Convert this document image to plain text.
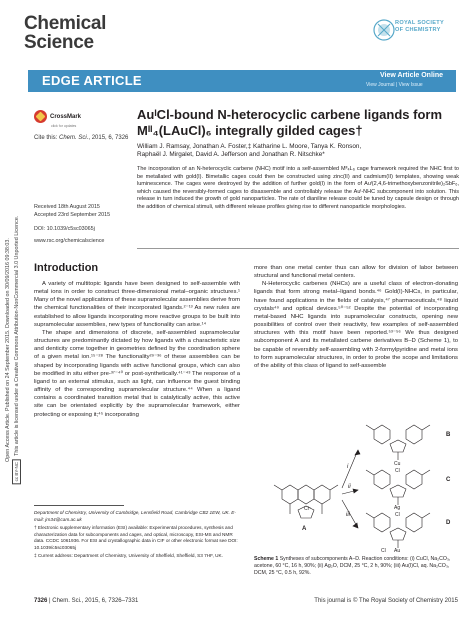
Chemical
Science
ROYAL SOCIETY
OF CHEMISTRY
EDGE ARTICLE	View Article Online
View Journal | View Issue
Open Access Article. Published on 24 September 2015. Downloaded on 30/09/2016 09:38:03.
cc BY-NCThis article is licensed under a Creative Commons Attribution-NonCommercial 3.0 Unported Licence.
CrossMark
click for updates
Cite this: Chem. Sci., 2015, 6, 7326
Received 18th August 2015
Accepted 23rd September 2015
DOI: 10.1039/c5sc03065j
www.rsc.org/chemicalscience
AuᴵCl-bound N-heterocyclic carbene ligands form
Mᴵᴵ₄(LAuCl)₆ integrally gilded cages†
William J. Ramsay, Jonathan A. Foster,‡ Katharine L. Moore, Tanya K. Ronson,
Raphaël J. Mirgalet, David A. Jefferson and Jonathan R. Nitschke*
The incorporation of an N-heterocyclic carbene (NHC) motif into a self-assembled Mᴵᴵ₄L₆ cage framework required the NHC first to be metallated with gold(I). Bimetallic cages could then be constructed using zinc(II) and cadmium(II) templates, showing weak luminescence. The cages were destroyed by the addition of further gold(I) in the form of Auᴵ(2,4,6-trimethoxybenzonitrile)₂SbF₆, which caused the reversibly-formed cages to disassemble and controllably release the Auᴵ-NHC subcomponent into solution. This release in turn induced the growth of gold nanoparticles. The rate of dianiline release could be tuned by capsule design or through the addition of chemical stimuli, with different release profiles giving rise to different nanoparticle morphologies.
Introduction

A variety of multitopic ligands have been designed to self-assemble with metal ions in order to construct three-dimensional metal–organic structures.¹ Many of the novel applications of these supramolecular assemblies derive from the chemical functionalities of their incorporated ligands.²⁻¹³ As new rules are established to allow ligands incorporating more reactive groups to be built into supramolecular assemblies, new types of functionality can arise.¹⁴

The shape and dimensions of discrete, self-assembled supramolecular structures are predominantly dictated by how ligands with a characteristic size and denticity come together in geometries defined by the coordination sphere of a given metal ion.¹⁵⁻²⁸ The functionality²⁹⁻³⁶ of these assemblies can be shaped by incorporating ligands with active functional groups, which can also be modified in situ either pre-³⁷⁻⁴⁰ or post-synthetically.⁴¹⁻⁴³ The response of a ligand to an external stimulus, such as light, can influence the guest binding affinity of the corresponding supramolecular structure.⁴⁴ When a ligand contains a coordinated transition metal that is catalytically active, this active site can be orientated explicitly by the supramolecular framework, either protecting or exposing it;⁴⁵ incorporating

more than one metal center thus can allow for division of labor between structural and functional metal centers.

N-Heterocyclic carbenes (NHCs) are a useful class of electron-donating ligands that form strong metal–ligand bonds.⁴⁶ Gold(I)-NHCs, in particular, have found applications in the fields of catalysis,⁴⁷ pharmaceuticals,⁴⁸ liquid crystals⁴⁹ and optical devices.⁵⁰⁻⁵² Despite the potential of incorporating metal-based NHC ligands into supramolecular constructs, opening new possibilities of control over their reactivity, few examples of self-assembled structures with this motif have been reported.⁵³⁻⁵⁶ We thus designed subcomponent A and its metallated carbene derivatives B–D (Scheme 1), to be capable of reversibly self-assembling with 2-formylpyridine and metal ions to form supramolecular structures, in order to probe the scope and limitations of the ability of this class of ligand to self-assemble

Department of Chemistry, University of Cambridge, Lensfield Road, Cambridge CB2 1EW, UK. E-mail: jrn34@cam.ac.uk

† Electronic supplementary information (ESI) available: Experimental procedures, synthesis and characterization data for subcomponents and cages, and optical, microscopy, ESI-MS and NMR data. CCDC 1061936. For ESI and crystallographic data in CIF or other electronic format see DOI: 10.1039/c5sc03065j

‡ Current address: Department of Chemistry, University of Sheffield, Sheffield, S3 7HF, UK.

A
B
C
D
i
ii
iii
Cu
Cl
Ag
Cl
Au
Cl
Cl⁻
Scheme 1 Syntheses of subcomponents A–D. Reaction conditions: (i) CuCl, Na₂CO₃, acetone, 60 °C, 16 h, 90%; (ii) Ag₂O, DCM, 25 °C, 2 h, 90%; (iii) Au(I)Cl, aq. Na₂CO₃, DCM, 25 °C, 0.5 h, 92%.
7326 | Chem. Sci., 2015, 6, 7326–7331	This journal is © The Royal Society of Chemistry 2015
